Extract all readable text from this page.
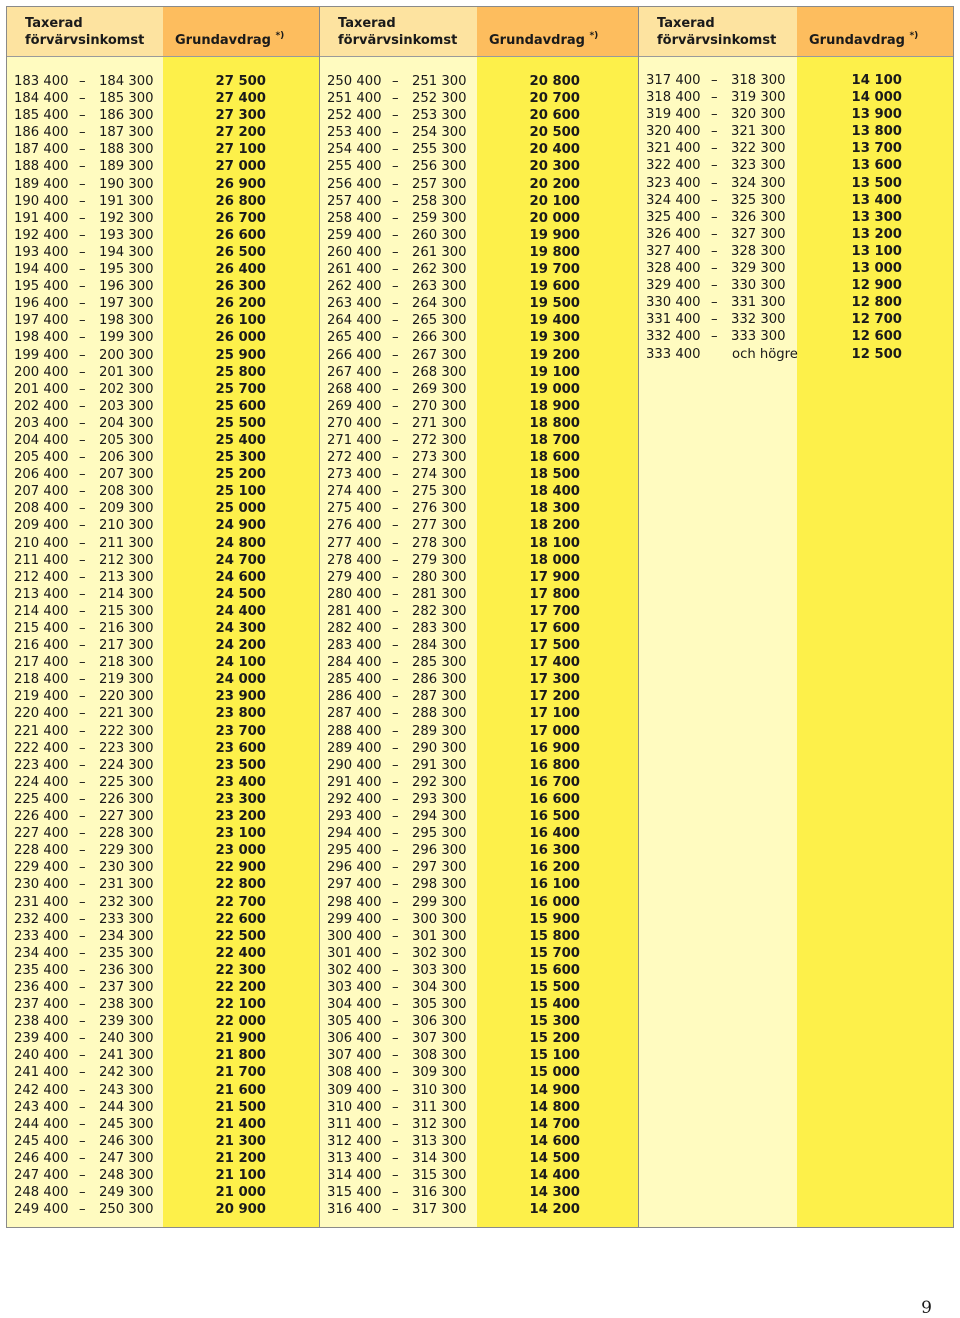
Taxerad
förvärvsinkomst Grundavdrag *)
183 400 – 184 300	27 500
184 400 – 185 300	27 400
185 400 – 186 300	27 300
186 400 – 187 300	27 200
187 400 – 188 300	27 100
188 400 – 189 300	27 000
189 400 – 190 300	26 900
190 400 – 191 300	26 800
191 400 – 192 300	26 700
192 400 – 193 300	26 600
193 400 – 194 300	26 500
194 400 – 195 300	26 400
195 400 – 196 300	26 300
196 400 – 197 300	26 200
197 400 – 198 300	26 100
198 400 – 199 300	26 000
199 400 – 200 300	25 900
200 400 – 201 300	25 800
201 400 – 202 300	25 700
202 400 – 203 300	25 600
203 400 – 204 300	25 500
204 400 – 205 300	25 400
205 400 – 206 300	25 300
206 400 – 207 300	25 200
207 400 – 208 300	25 100
208 400 – 209 300	25 000
209 400 – 210 300	24 900
210 400 – 211 300	24 800
211 400 – 212 300	24 700
212 400 – 213 300	24 600
213 400 – 214 300	24 500
214 400 – 215 300	24 400
215 400 – 216 300	24 300
216 400 – 217 300	24 200
217 400 – 218 300	24 100
218 400 – 219 300	24 000
219 400 – 220 300	23 900
220 400 – 221 300	23 800
221 400 – 222 300	23 700
222 400 – 223 300	23 600
223 400 – 224 300	23 500
224 400 – 225 300	23 400
225 400 – 226 300	23 300
226 400 – 227 300	23 200
227 400 – 228 300	23 100
228 400 – 229 300	23 000
229 400 – 230 300	22 900
230 400 – 231 300	22 800
231 400 – 232 300	22 700
232 400 – 233 300	22 600
233 400 – 234 300	22 500
234 400 – 235 300	22 400
235 400 – 236 300	22 300
236 400 – 237 300	22 200
237 400 – 238 300	22 100
238 400 – 239 300	22 000
239 400 – 240 300	21 900
240 400 – 241 300	21 800
241 400 – 242 300	21 700
242 400 – 243 300	21 600
243 400 – 244 300	21 500
244 400 – 245 300	21 400
245 400 – 246 300	21 300
246 400 – 247 300	21 200
247 400 – 248 300	21 100
248 400 – 249 300	21 000
249 400 – 250 300	20 900
Taxerad
förvärvsinkomst Grundavdrag *)
250 400 – 251 300	20 800
251 400 – 252 300	20 700
252 400 – 253 300	20 600
253 400 – 254 300	20 500
254 400 – 255 300	20 400
255 400 – 256 300	20 300
256 400 – 257 300	20 200
257 400 – 258 300	20 100
258 400 – 259 300	20 000
259 400 – 260 300	19 900
260 400 – 261 300	19 800
261 400 – 262 300	19 700
262 400 – 263 300	19 600
263 400 – 264 300	19 500
264 400 – 265 300	19 400
265 400 – 266 300	19 300
266 400 – 267 300	19 200
267 400 – 268 300	19 100
268 400 – 269 300	19 000
269 400 – 270 300	18 900
270 400 – 271 300	18 800
271 400 – 272 300	18 700
272 400 – 273 300	18 600
273 400 – 274 300	18 500
274 400 – 275 300	18 400
275 400 – 276 300	18 300
276 400 – 277 300	18 200
277 400 – 278 300	18 100
278 400 – 279 300	18 000
279 400 – 280 300	17 900
280 400 – 281 300	17 800
281 400 – 282 300	17 700
282 400 – 283 300	17 600
283 400 – 284 300	17 500
284 400 – 285 300	17 400
285 400 – 286 300	17 300
286 400 – 287 300	17 200
287 400 – 288 300	17 100
288 400 – 289 300	17 000
289 400 – 290 300	16 900
290 400 – 291 300	16 800
291 400 – 292 300	16 700
292 400 – 293 300	16 600
293 400 – 294 300	16 500
294 400 – 295 300	16 400
295 400 – 296 300	16 300
296 400 – 297 300	16 200
297 400 – 298 300	16 100
298 400 – 299 300	16 000
299 400 – 300 300	15 900
300 400 – 301 300	15 800
301 400 – 302 300	15 700
302 400 – 303 300	15 600
303 400 – 304 300	15 500
304 400 – 305 300	15 400
305 400 – 306 300	15 300
306 400 – 307 300	15 200
307 400 – 308 300	15 100
308 400 – 309 300	15 000
309 400 – 310 300	14 900
310 400 – 311 300	14 800
311 400 – 312 300	14 700
312 400 – 313 300	14 600
313 400 – 314 300	14 500
314 400 – 315 300	14 400
315 400 – 316 300	14 300
316 400 – 317 300	14 200
Taxerad
förvärvsinkomst	Grundavdrag *)
317 400 – 318 300	14 100
318 400 – 319 300	14 000
319 400 – 320 300	13 900
320 400 – 321 300	13 800
321 400 – 322 300	13 700
322 400 – 323 300	13 600
323 400 – 324 300	13 500
324 400 – 325 300	13 400
325 400 – 326 300	13 300
326 400 – 327 300	13 200
327 400 – 328 300	13 100
328 400 – 329 300	13 000
329 400 – 330 300	12 900
330 400 – 331 300	12 800
331 400 – 332 300	12 700
332 400 – 333 300	12 600
333 400 och högre	12 500
9
